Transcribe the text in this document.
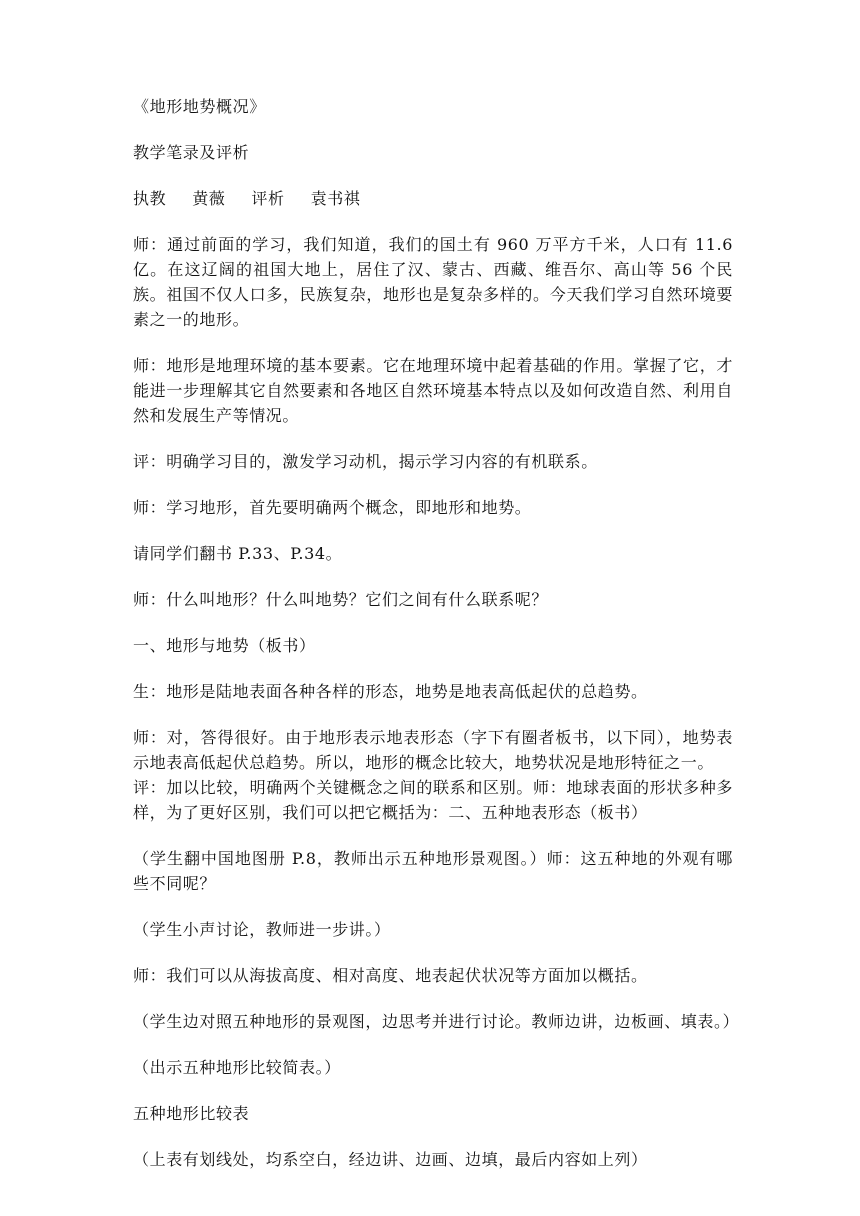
《地形地势概况》

教学笔录及评析

执教 黄薇 评析 袁书祺

师：通过前面的学习，我们知道，我们的国土有 960 万平方千米，人口有 11.6 亿。在这辽阔的祖国大地上，居住了汉、蒙古、西藏、维吾尔、高山等 56 个民族。祖国不仅人口多，民族复杂，地形也是复杂多样的。今天我们学习自然环境要素之一的地形。

师：地形是地理环境的基本要素。它在地理环境中起着基础的作用。掌握了它，才能进一步理解其它自然要素和各地区自然环境基本特点以及如何改造自然、利用自然和发展生产等情况。

评：明确学习目的，激发学习动机，揭示学习内容的有机联系。

师：学习地形，首先要明确两个概念，即地形和地势。

请同学们翻书 P.33、P.34。

师：什么叫地形？什么叫地势？它们之间有什么联系呢？

一、地形与地势（板书）

生：地形是陆地表面各种各样的形态，地势是地表高低起伏的总趋势。

师：对，答得很好。由于地形表示地表形态（字下有圈者板书，以下同），地势表示地表高低起伏总趋势。所以，地形的概念比较大，地势状况是地形特征之一。

评：加以比较，明确两个关键概念之间的联系和区别。师：地球表面的形状多种多样，为了更好区别，我们可以把它概括为：二、五种地表形态（板书）

（学生翻中国地图册 P.8，教师出示五种地形景观图。）师：这五种地的外观有哪些不同呢？

（学生小声讨论，教师进一步讲。）

师：我们可以从海拔高度、相对高度、地表起伏状况等方面加以概括。

（学生边对照五种地形的景观图，边思考并进行讨论。教师边讲，边板画、填表。）

（出示五种地形比较简表。）

五种地形比较表

（上表有划线处，均系空白，经边讲、边画、边填，最后内容如上列）
